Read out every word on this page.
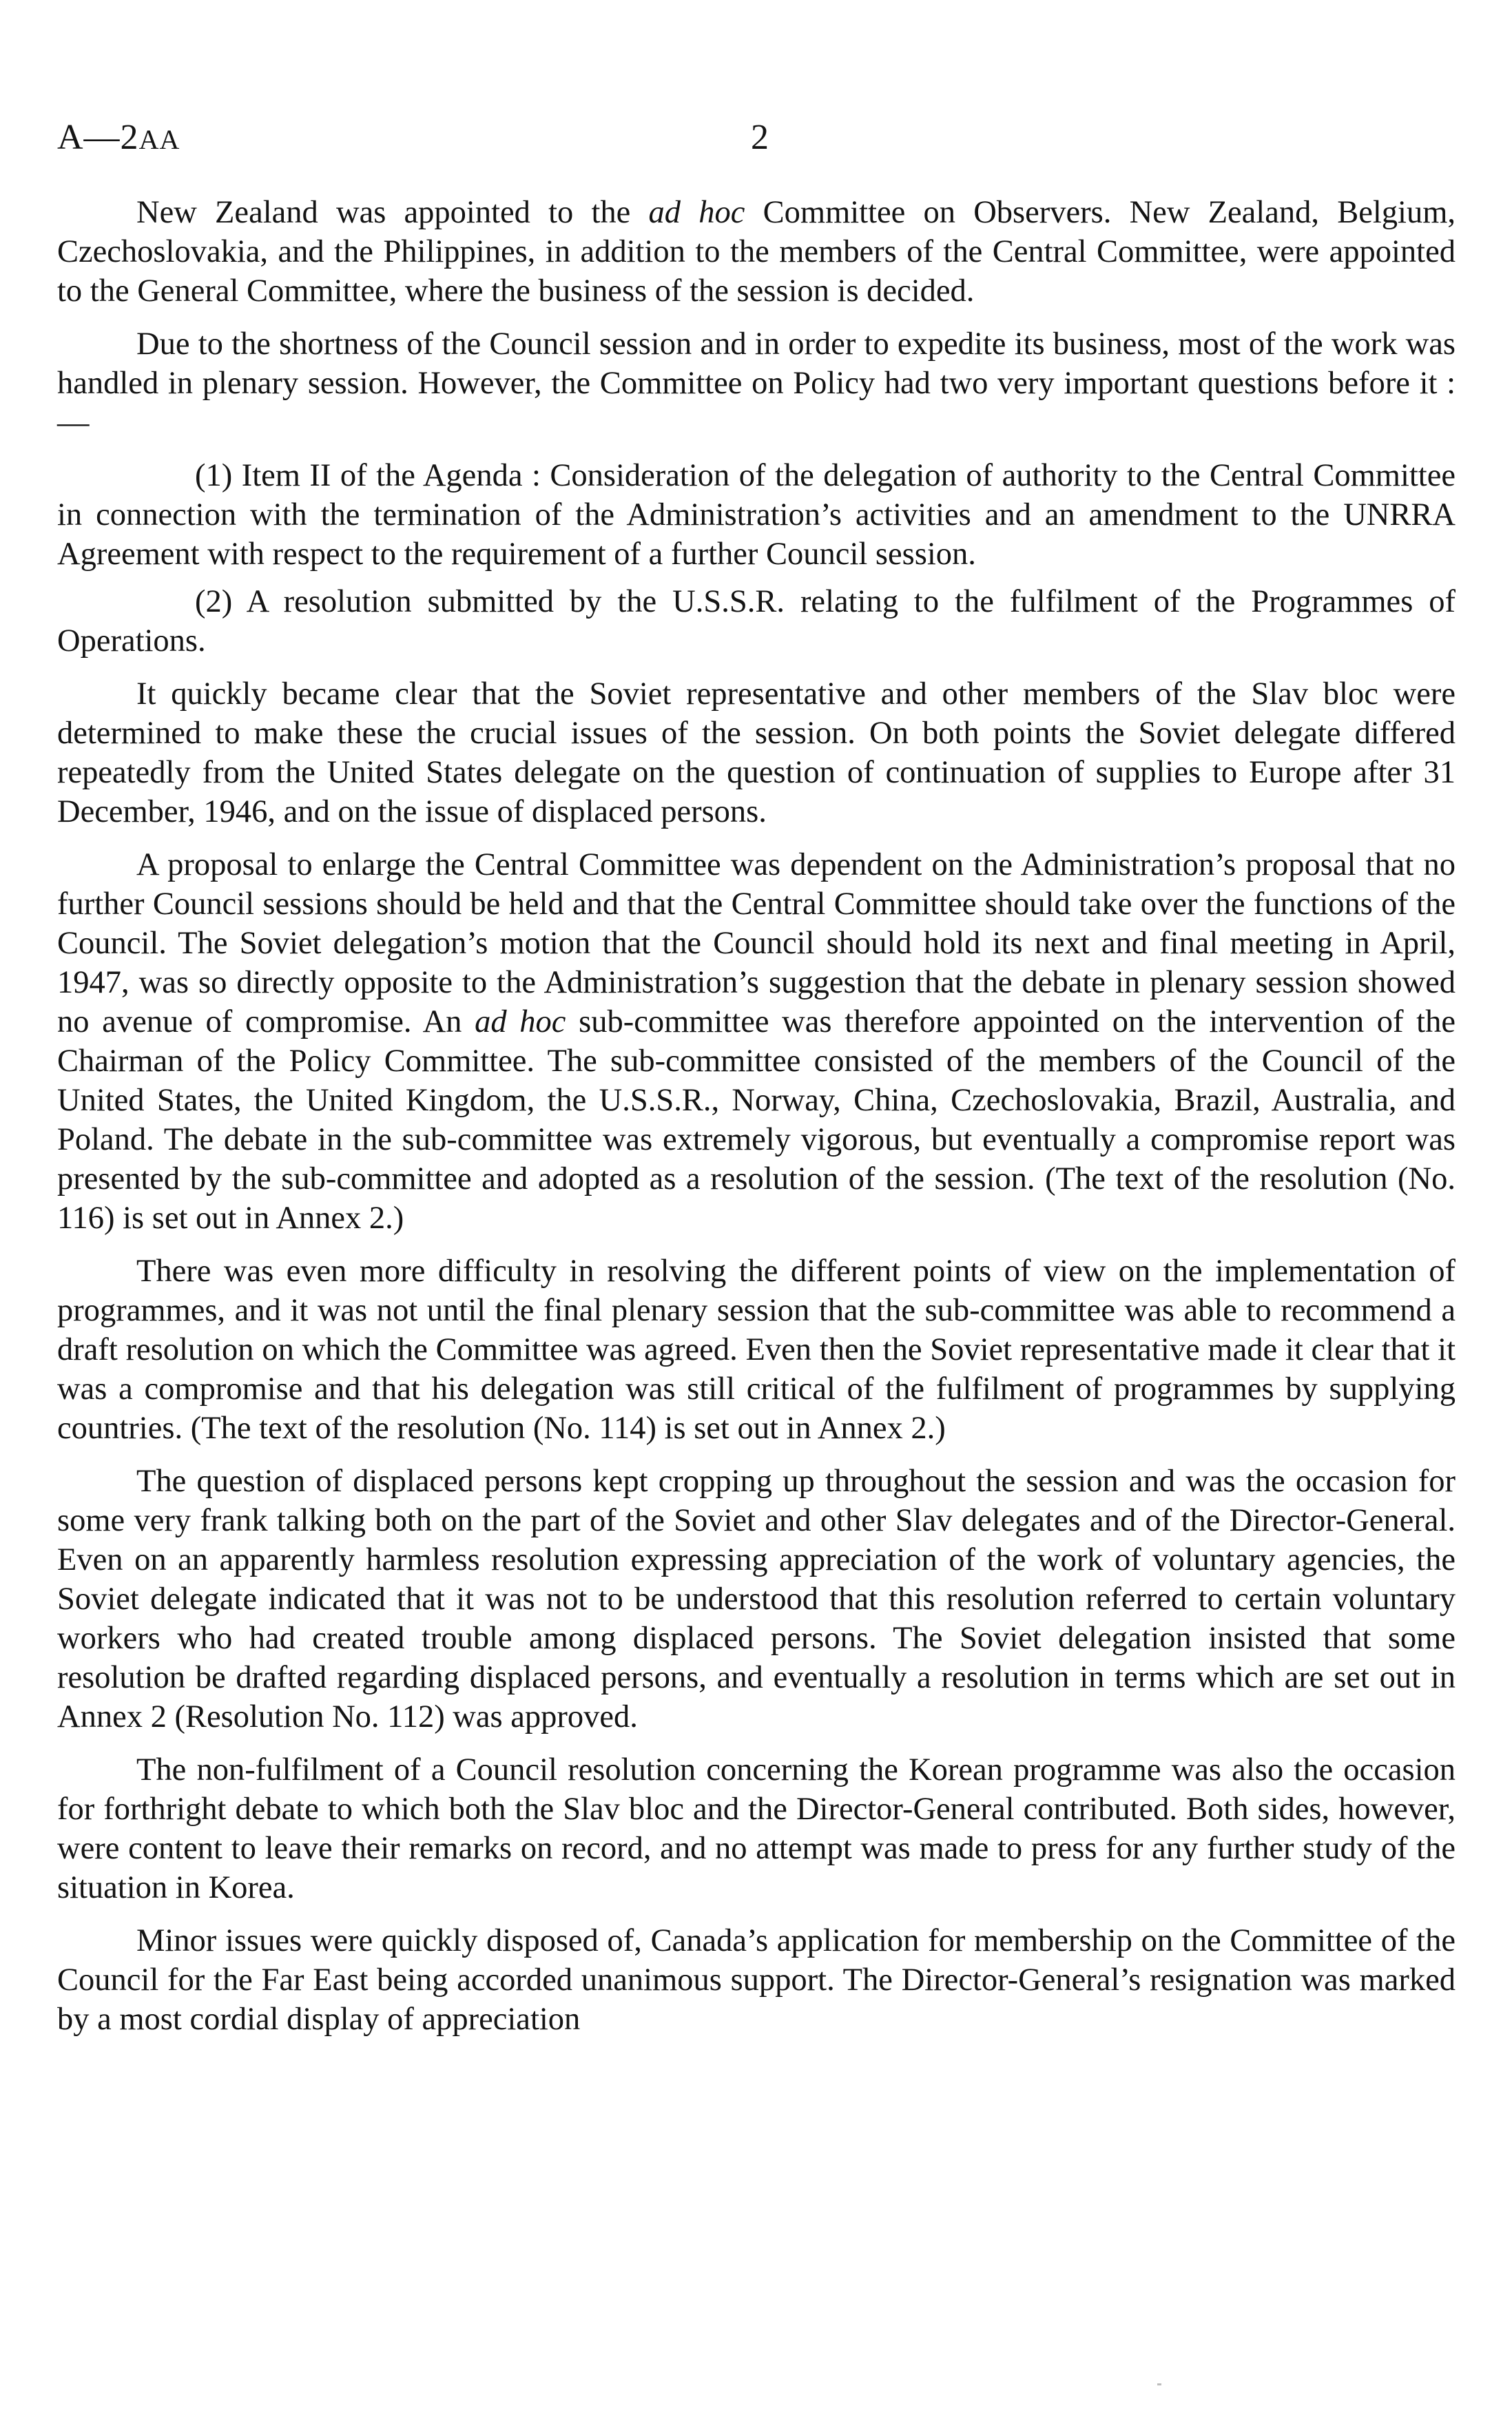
A—2AA	2

New Zealand was appointed to the ad hoc Committee on Observers. New Zealand, Belgium, Czechoslovakia, and the Philippines, in addition to the members of the Central Committee, were appointed to the General Committee, where the business of the session is decided.

Due to the shortness of the Council session and in order to expedite its business, most of the work was handled in plenary session. However, the Committee on Policy had two very important questions before it :—

(1) Item II of the Agenda : Consideration of the delegation of authority to the Central Committee in connection with the termination of the Administration’s activities and an amendment to the UNRRA Agreement with respect to the requirement of a further Council session.

(2) A resolution submitted by the U.S.S.R. relating to the fulfilment of the Programmes of Operations.

It quickly became clear that the Soviet representative and other members of the Slav bloc were determined to make these the crucial issues of the session. On both points the Soviet delegate differed repeatedly from the United States delegate on the question of continuation of supplies to Europe after 31 December, 1946, and on the issue of displaced persons.

A proposal to enlarge the Central Committee was dependent on the Administration’s proposal that no further Council sessions should be held and that the Central Committee should take over the functions of the Council. The Soviet delegation’s motion that the Council should hold its next and final meeting in April, 1947, was so directly opposite to the Administration’s suggestion that the debate in plenary session showed no avenue of compromise. An ad hoc sub-committee was therefore appointed on the intervention of the Chairman of the Policy Committee. The sub-committee consisted of the members of the Council of the United States, the United Kingdom, the U.S.S.R., Norway, China, Czechoslovakia, Brazil, Australia, and Poland. The debate in the sub-committee was extremely vigorous, but eventually a compromise report was presented by the sub-committee and adopted as a resolution of the session. (The text of the resolution (No. 116) is set out in Annex 2.)

There was even more difficulty in resolving the different points of view on the implementation of programmes, and it was not until the final plenary session that the sub-committee was able to recommend a draft resolution on which the Committee was agreed. Even then the Soviet representative made it clear that it was a compromise and that his delegation was still critical of the fulfilment of programmes by supplying countries. (The text of the resolution (No. 114) is set out in Annex 2.)

The question of displaced persons kept cropping up throughout the session and was the occasion for some very frank talking both on the part of the Soviet and other Slav delegates and of the Director-General. Even on an apparently harmless resolution expressing appreciation of the work of voluntary agencies, the Soviet delegate indicated that it was not to be understood that this resolution referred to certain voluntary workers who had created trouble among displaced persons. The Soviet delegation insisted that some resolution be drafted regarding displaced persons, and eventually a resolution in terms which are set out in Annex 2 (Resolution No. 112) was approved.

The non-fulfilment of a Council resolution concerning the Korean programme was also the occasion for forthright debate to which both the Slav bloc and the Director-General contributed. Both sides, however, were content to leave their remarks on record, and no attempt was made to press for any further study of the situation in Korea.

Minor issues were quickly disposed of, Canada’s application for membership on the Committee of the Council for the Far East being accorded unanimous support. The Director-General’s resignation was marked by a most cordial display of appreciation
